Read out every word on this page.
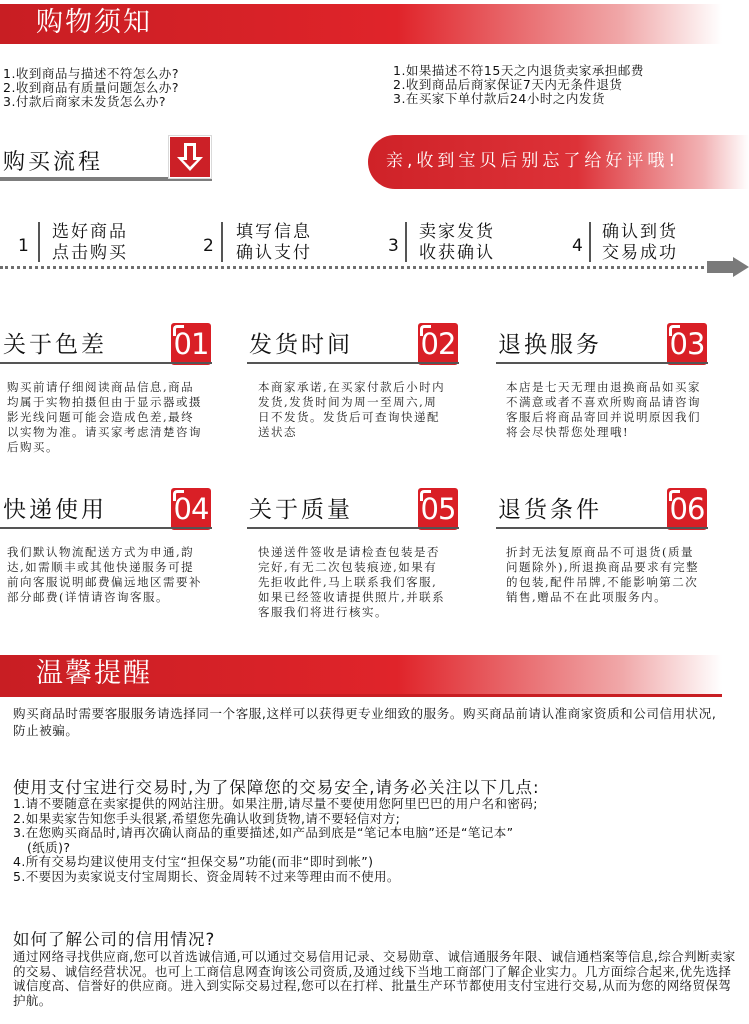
购物须知
1.收到商品与描述不符怎么办?
2.收到商品有质量问题怎么办?
3.付款后商家未发货怎么办?
1.如果描述不符15天之内退货卖家承担邮费
2.收到商品后商家保证7天内无条件退货
3.在买家下单付款后24小时之内发货
购买流程	亲,收到宝贝后别忘了给好评哦!
1
选好商品
点击购买	2
填写信息
确认支付	3
卖家发货
收获确认	4
确认到货
交易成功
关于色差 01
购买前请仔细阅读商品信息,商品均属于实物拍摄但由于显示器或摄影光线问题可能会造成色差,最终以实物为准。请买家考虑清楚咨询后购买。
发货时间 02
本商家承诺,在买家付款后小时内发货,发货时间为周一至周六,周日不发货。发货后可查询快递配送状态
退换服务 03
本店是七天无理由退换商品如买家不满意或者不喜欢所购商品请咨询客服后将商品寄回并说明原因我们将会尽快帮您处理哦!
快递使用 04
我们默认物流配送方式为申通,韵达,如需顺丰或其他快递服务可提前向客服说明邮费偏远地区需要补部分邮费(详情请咨询客服。
关于质量 05
快递送件签收是请检查包装是否完好,有无二次包装痕迹,如果有先拒收此件,马上联系我们客服,如果已经签收请提供照片,并联系客服我们将进行核实。
退货条件 06
折封无法复原商品不可退货(质量问题除外),所退换商品要求有完整的包装,配件吊牌,不能影响第二次销售,赠品不在此项服务内。
温馨提醒
购买商品时需要客服服务请选择同一个客服,这样可以获得更专业细致的服务。购买商品前请认准商家资质和公司信用状况,防止被骗。
使用支付宝进行交易时,为了保障您的交易安全,请务必关注以下几点:
1.请不要随意在卖家提供的网站注册。如果注册,请尽量不要使用您阿里巴巴的用户名和密码;
2.如果卖家告知您手头很紧,希望您先确认收到货物,请不要轻信对方;
3.在您购买商品时,请再次确认商品的重要描述,如产品到底是“笔记本电脑”还是“笔记本”
(纸质)?
4.所有交易均建议使用支付宝“担保交易”功能(而非“即时到帐”)
5.不要因为卖家说支付宝周期长、资金周转不过来等理由而不使用。
如何了解公司的信用情况?
通过网络寻找供应商,您可以首选诚信通,可以通过交易信用记录、交易勋章、诚信通服务年限、诚信通档案等信息,综合判断卖家的交易、诚信经营状况。也可上工商信息网查询该公司资质,及通过线下当地工商部门了解企业实力。几方面综合起来,优先选择诚信度高、信誉好的供应商。进入到实际交易过程,您可以在打样、批量生产环节都使用支付宝进行交易,从而为您的网络贸保驾护航。
